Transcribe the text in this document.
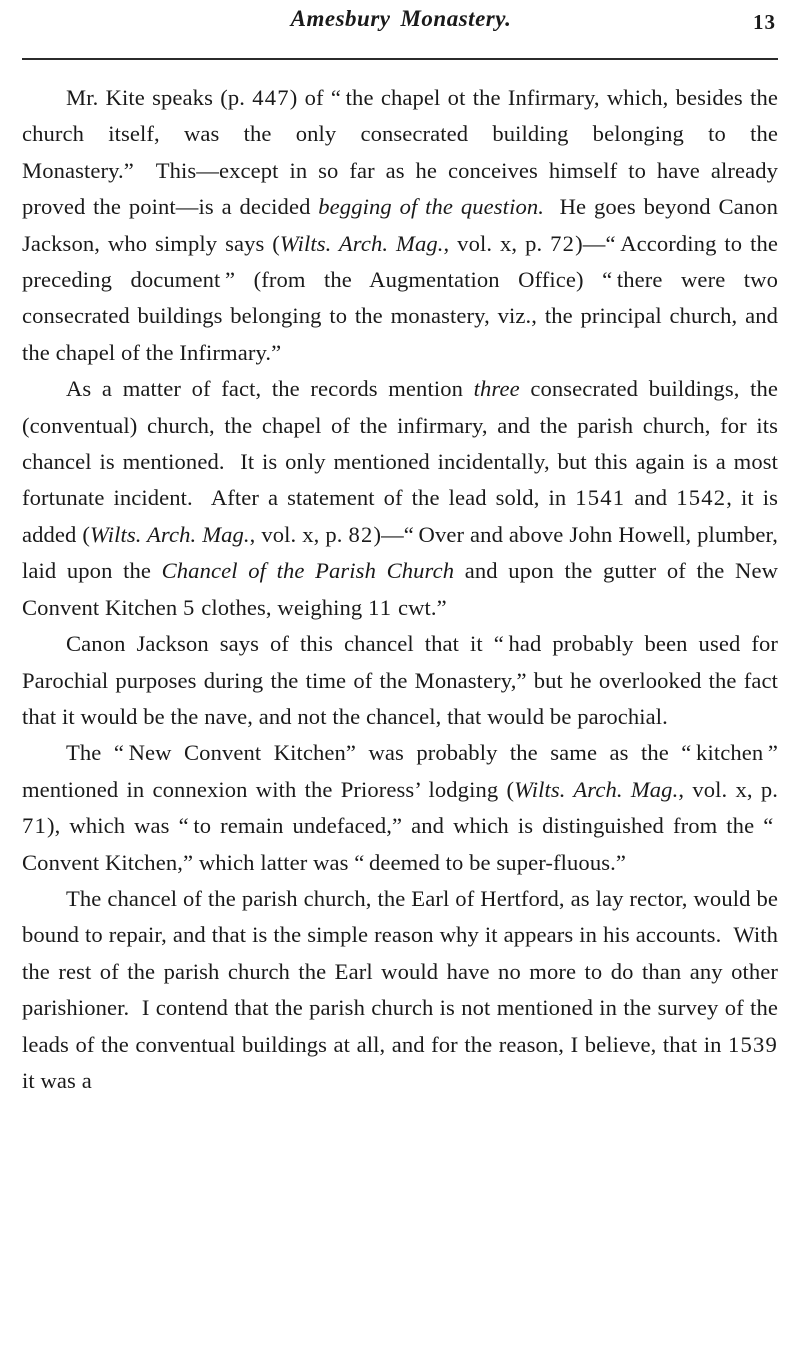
Amesbury Monastery.	13

Mr. Kite speaks (p. 447) of “ the chapel ot the Infirmary, which, besides the church itself, was the only consecrated building belonging to the Monastery.”  This—except in so far as he conceives himself to have already proved the point—is a decided begging of the question.  He goes beyond Canon Jackson, who simply says (Wilts. Arch. Mag., vol. x, p. 72)—“ According to the preceding document ” (from the Augmentation Office) “ there were two consecrated buildings belonging to the monastery, viz., the principal church, and the chapel of the Infirmary.”

As a matter of fact, the records mention three consecrated buildings, the (conventual) church, the chapel of the infirmary, and the parish church, for its chancel is mentioned.  It is only mentioned incidentally, but this again is a most fortunate incident.  After a statement of the lead sold, in 1541 and 1542, it is added (Wilts. Arch. Mag., vol. x, p. 82)—“ Over and above John Howell, plumber, laid upon the Chancel of the Parish Church and upon the gutter of the New Convent Kitchen 5 clothes, weighing 11 cwt.”

Canon Jackson says of this chancel that it “ had probably been used for Parochial purposes during the time of the Monastery,” but he overlooked the fact that it would be the nave, and not the chancel, that would be parochial.

The “ New Convent Kitchen” was probably the same as the “ kitchen ” mentioned in connexion with the Prioress’ lodging (Wilts. Arch. Mag., vol. x, p. 71), which was “ to remain undefaced,” and which is distinguished from the “ Convent Kitchen,” which latter was “ deemed to be super-fluous.”

The chancel of the parish church, the Earl of Hertford, as lay rector, would be bound to repair, and that is the simple reason why it appears in his accounts.  With the rest of the parish church the Earl would have no more to do than any other parishioner.  I contend that the parish church is not mentioned in the survey of the leads of the conventual buildings at all, and for the reason, I believe, that in 1539 it was a
